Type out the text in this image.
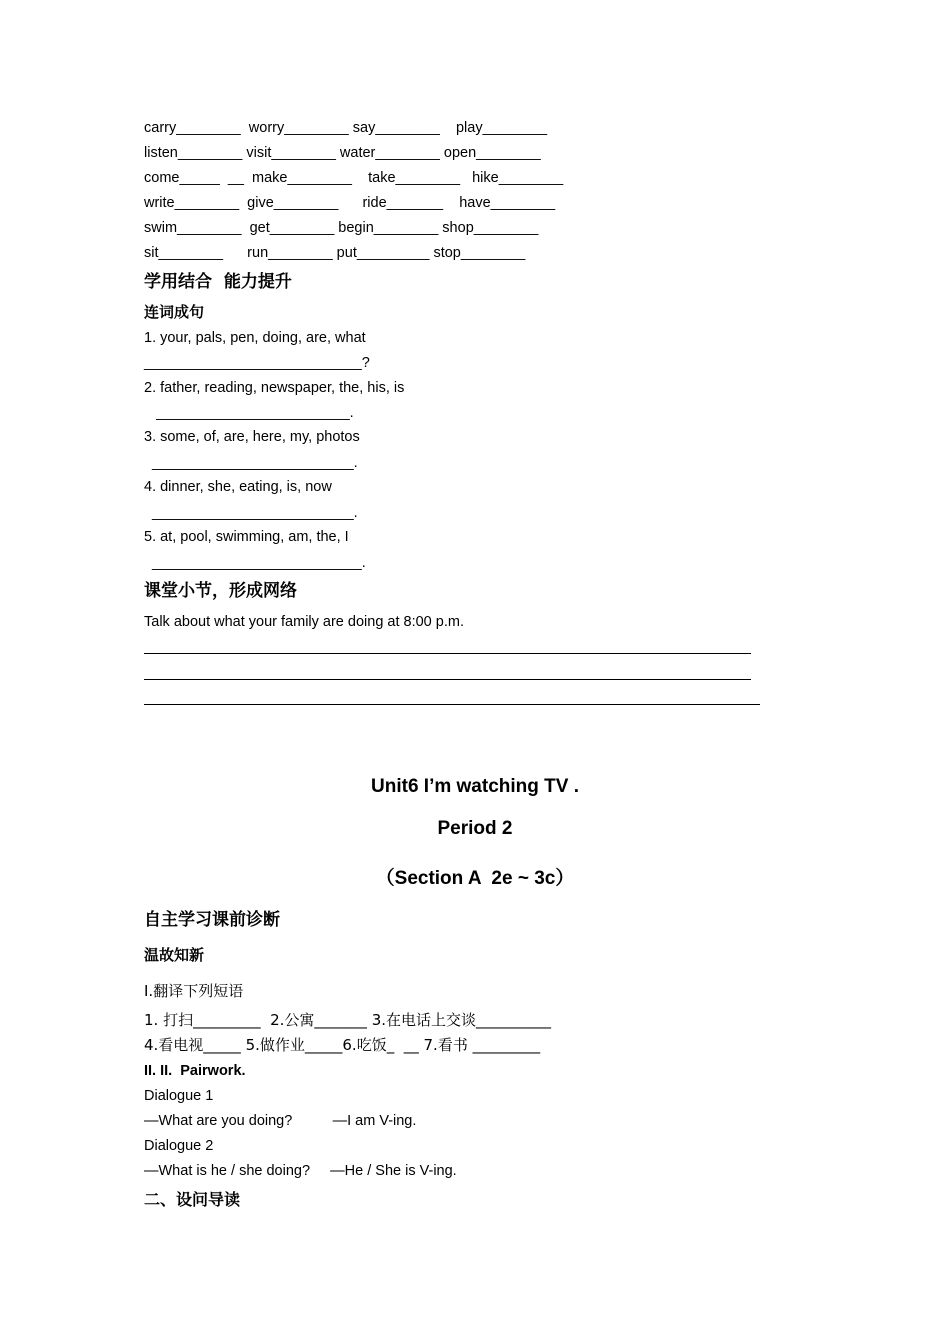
carry________  worry________ say________    play________
listen________ visit________ water________ open________
come_____  __  make________    take________   hike________
write________  give________      ride_______    have________
swim________  get________ begin________ shop________
sit________      run________ put_________ stop________
学用结合  能力提升
连词成句
1. your, pals, pen, doing, are, what
___________________________?
2. father, reading, newspaper, the, his, is
________________________.
3. some, of, are, here, my, photos
_________________________.
4. dinner, she, eating, is, now
_________________________.
5. at, pool, swimming, am, the, I
__________________________.
课堂小节，形成网络
Talk about what your family are doing at 8:00 p.m.
Unit6 I’m watching TV .
Period 2
（Section A  2e ~ 3c）
自主学习课前诊断
温故知新
I.翻译下列短语
1. 打扫_________  2.公寓_______ 3.在电话上交谈__________
4.看电视_____ 5.做作业_____6.吃饭_  __ 7.看书 _________
II. II.  Pairwork.
Dialogue 1
—What are you doing?          —I am V-ing.
Dialogue 2
—What is he / she doing?     —He / She is V-ing.
二、设问导读
